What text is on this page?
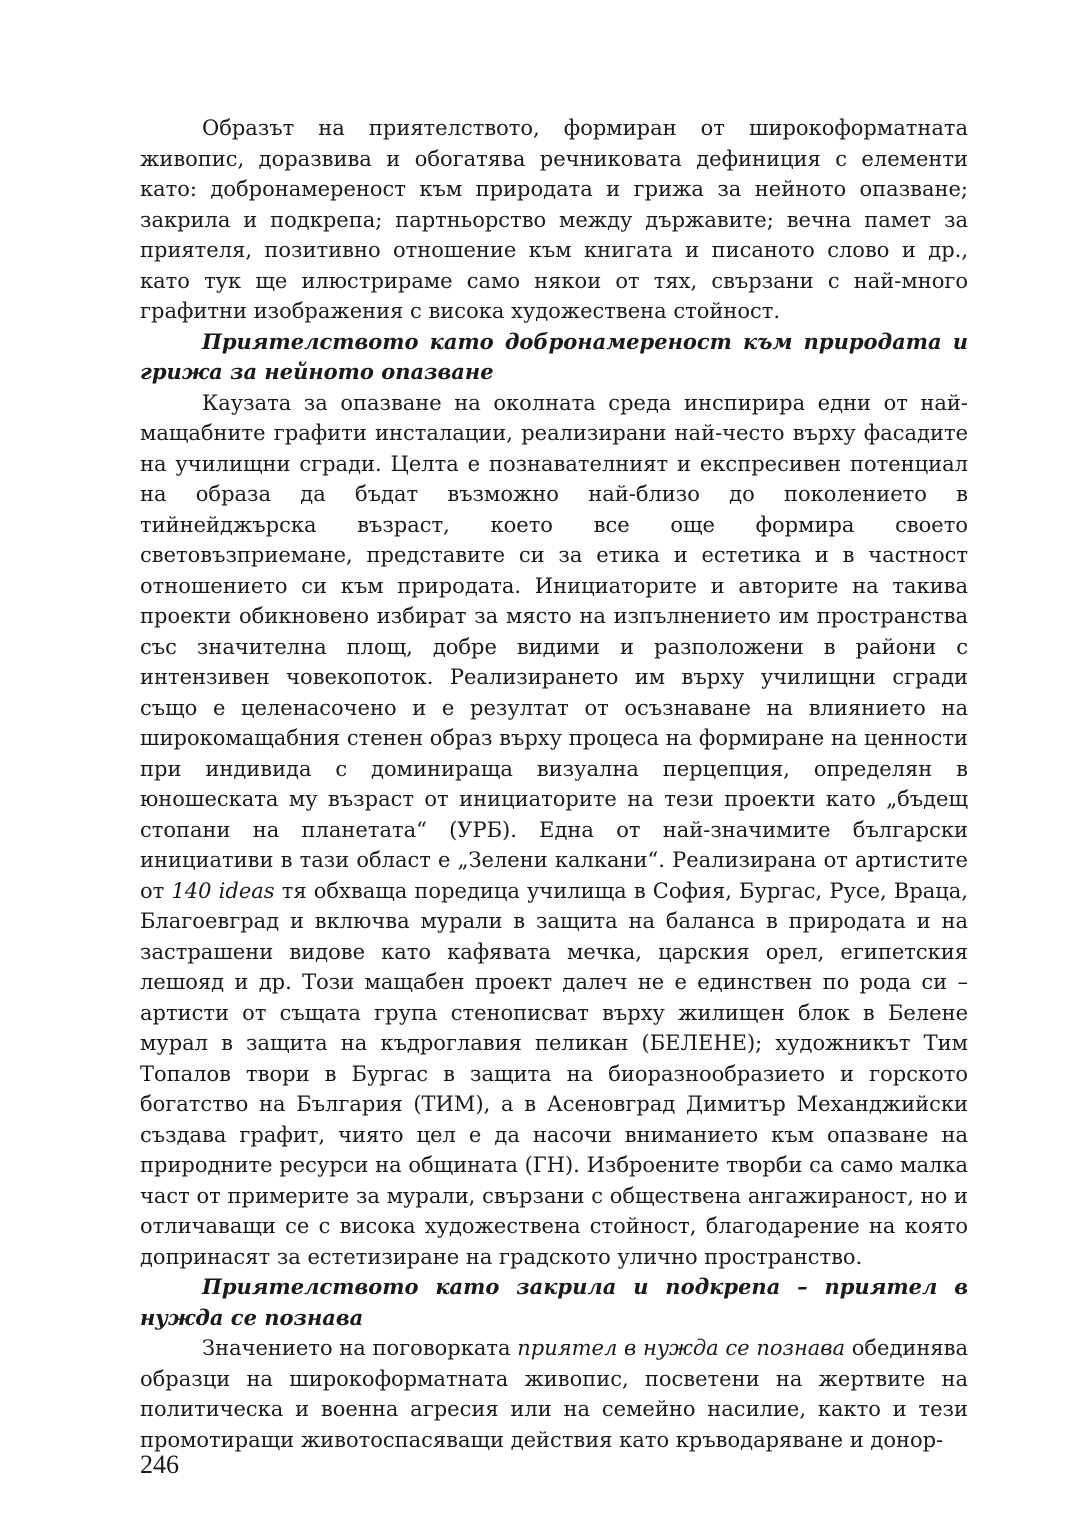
Образът на приятелството, формиран от широкоформатната живопис, доразвива и обогатява речниковата дефиниция с елементи като: добронамереност към природата и грижа за нейното опазване; закрила и подкрепа; партньорство между държавите; вечна памет за приятеля, позитивно отношение към книгата и писаното слово и др., като тук ще илюстрираме само някои от тях, свързани с най-много графитни изображения с висока художествена стойност.

Приятелството като добронамереност към природата и грижа за нейното опазване

Каузата за опазване на околната среда инспирира едни от най-мащабните графити инсталации, реализирани най-често върху фасадите на училищни сгради. Целта е познавателният и експресивен потенциал на образа да бъдат възможно най-близо до поколението в тийнейджърска възраст, което все още формира своето световъзприемане, представите си за етика и естетика и в частност отношението си към природата. Инициаторите и авторите на такива проекти обикновено избират за място на изпълнението им пространства със значителна площ, добре видими и разположени в райони с интензивен човекопоток. Реализирането им върху училищни сгради също е целенасочено и е резултат от осъзнаване на влиянието на широкомащабния стенен образ върху процеса на формиране на ценности при индивида с доминираща визуална перцепция, определян в юношеската му възраст от инициаторите на тези проекти като „бъдещ стопани на планетата“ (УРБ). Една от най-значимите български инициативи в тази област е „Зелени калкани“. Реализирана от артистите от 140 ideas тя обхваща поредица училища в София, Бургас, Русе, Враца, Благоевград и включва мурали в защита на баланса в природата и на застрашени видове като кафявата мечка, царския орел, египетския лешояд и др. Този мащабен проект далеч не е единствен по рода си – артисти от същата група стенописват върху жилищен блок в Белене мурал в защита на къдроглавия пеликан (БЕЛЕНЕ); художникът Тим Топалов твори в Бургас в защита на биоразнообразието и горското богатство на България (ТИМ), а в Асеновград Димитър Механджийски създава графит, чиято цел е да насочи вниманието към опазване на природните ресурси на общината (ГН). Изброените творби са само малка част от примерите за мурали, свързани с обществена ангажираност, но и отличаващи се с висока художествена стойност, благодарение на която допринасят за естетизиране на градското улично пространство.

Приятелството като закрила и подкрепа – приятел в нужда се познава

Значението на поговорката приятел в нужда се познава обединява образци на широкоформатната живопис, посветени на жертвите на политическа и военна агресия или на семейно насилие, както и тези промотиращи животоспасяващи действия като кръводаряване и донор-

246
